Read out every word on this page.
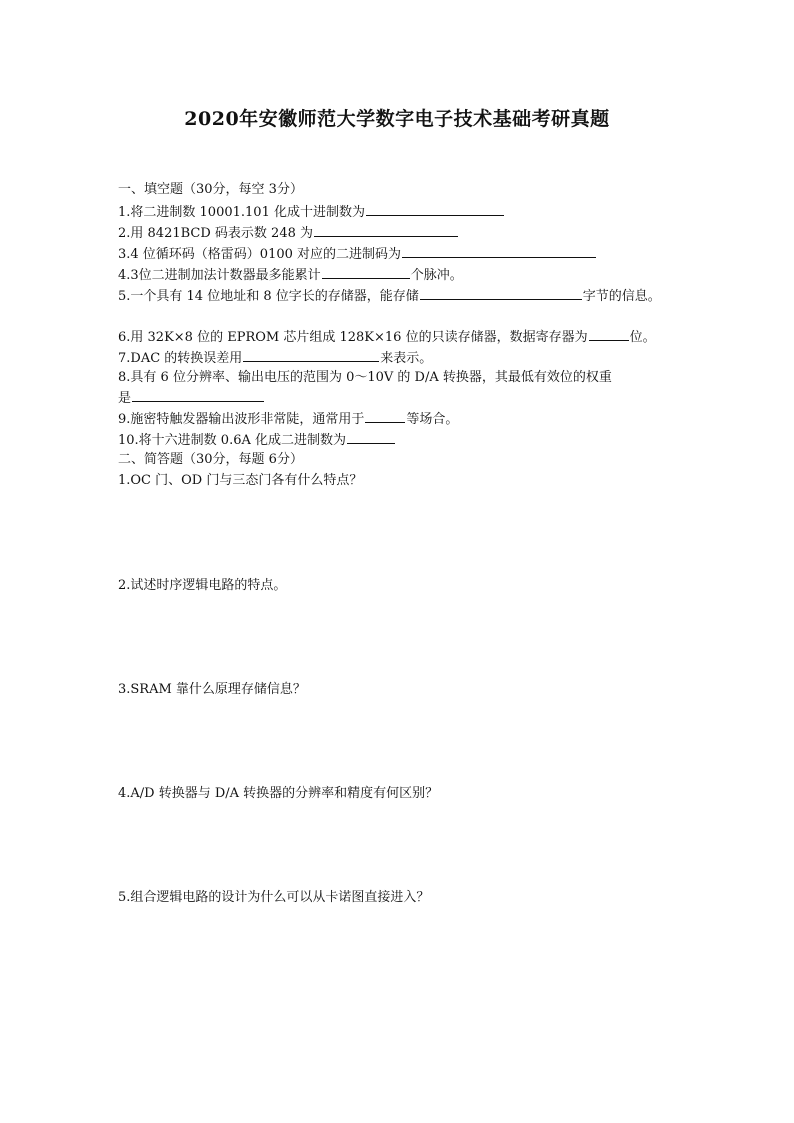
2020年安徽师范大学数字电子技术基础考研真题
一、填空题（30分，每空 3分）
1.将二进制数 10001.101 化成十进制数为
2.用 8421BCD 码表示数 248 为
3.4 位循环码（格雷码）0100 对应的二进制码为
4.3位二进制加法计数器最多能累计	个脉冲。
5.一个具有 14 位地址和 8 位字长的存储器，能存储	字节的信息。
6.用 32K×8 位的 EPROM 芯片组成 128K×16 位的只读存储器，数据寄存器为	位。
7.DAC 的转换误差用	来表示。
8.具有 6 位分辨率、输出电压的范围为 0～10V 的 D/A 转换器，其最低有效位的权重
是
9.施密特触发器输出波形非常陡，通常用于	等场合。
10.将十六进制数 0.6A 化成二进制数为
二、简答题（30分，每题 6分）
1.OC 门、OD 门与三态门各有什么特点？
2.试述时序逻辑电路的特点。
3.SRAM 靠什么原理存储信息？
4.A/D 转换器与 D/A 转换器的分辨率和精度有何区别？
5.组合逻辑电路的设计为什么可以从卡诺图直接进入？
